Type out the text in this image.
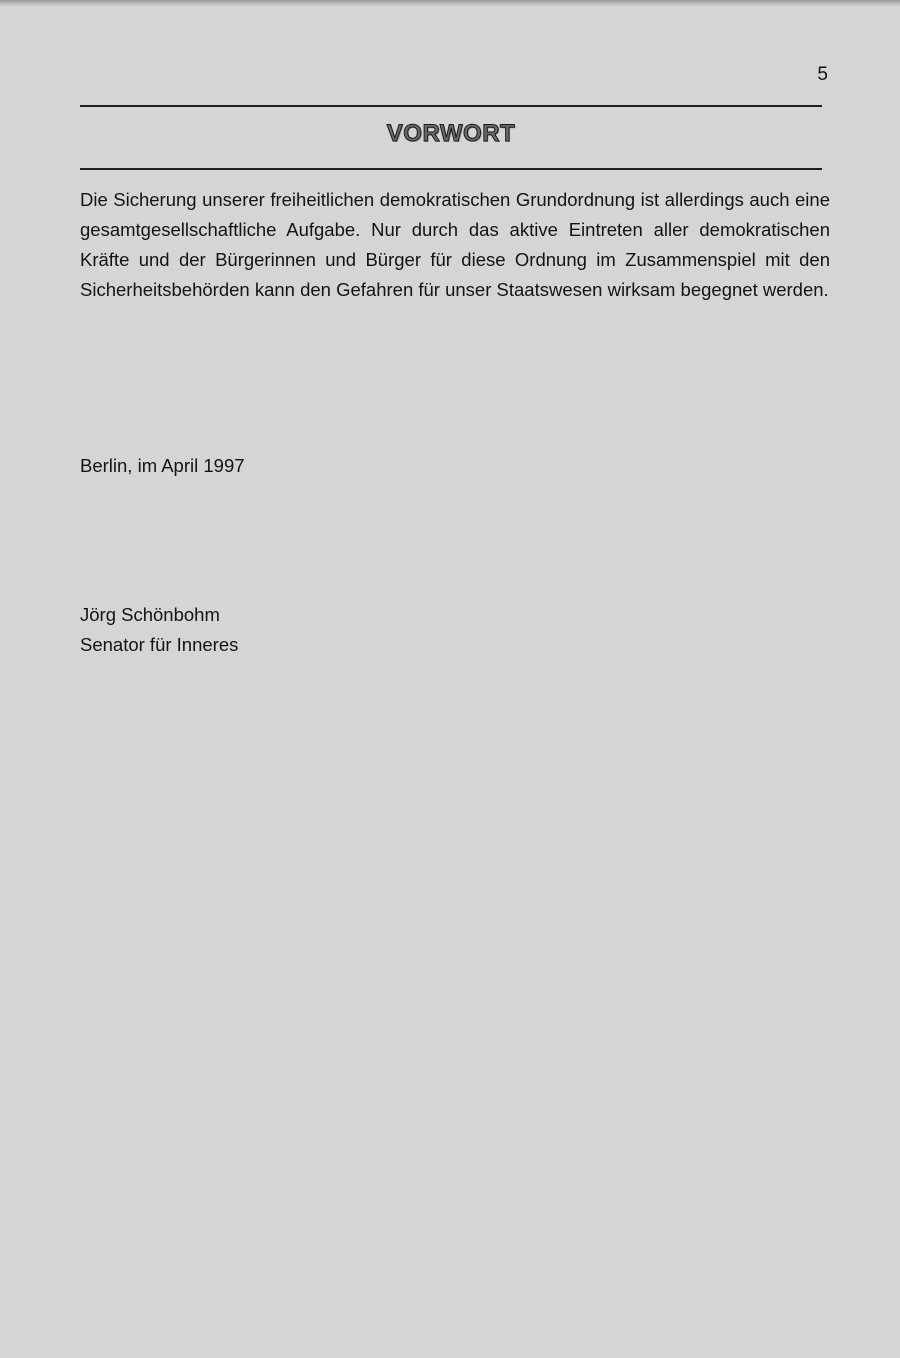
5
VORWORT

Die Sicherung unserer freiheitlichen demokratischen Grundordnung ist allerdings auch eine gesamtgesellschaftliche Aufgabe. Nur durch das aktive Eintreten aller demokratischen Kräfte und der Bürgerinnen und Bürger für diese Ordnung im Zusammenspiel mit den Sicherheitsbehörden kann den Gefahren für unser Staatswesen wirksam begegnet werden.

Berlin, im April 1997
Jörg Schönbohm
Senator für Inneres
